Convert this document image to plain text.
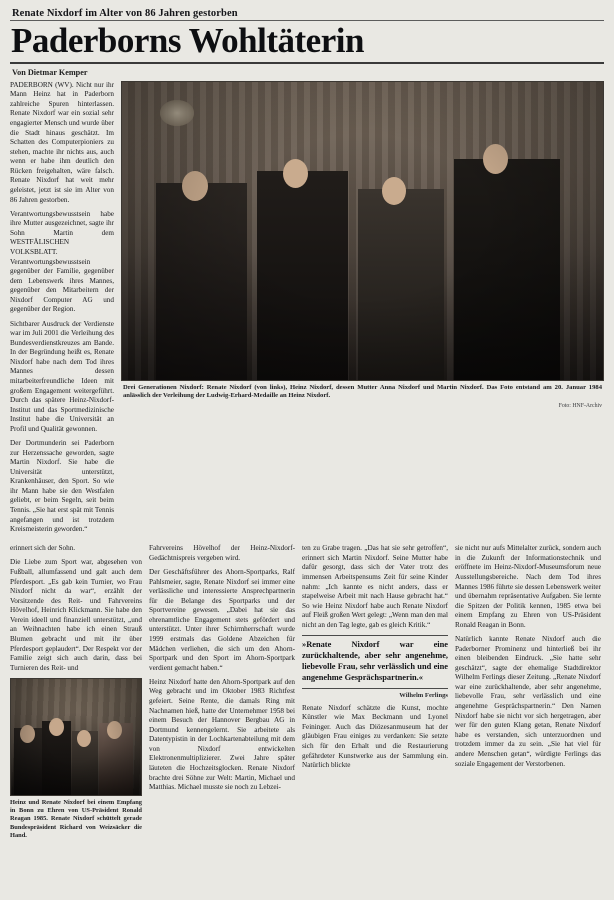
Renate Nixdorf im Alter von 86 Jahren gestorben
Paderborns Wohltäterin
Von Dietmar Kemper

PADERBORN (WV). Nicht nur ihr Mann Heinz hat in Paderborn zahlreiche Spuren hinterlassen. Renate Nixdorf war ein sozial sehr engagierter Mensch und wurde über die Stadt hinaus geschätzt. Im Schatten des Computerpioniers zu stehen, machte ihr nichts aus, auch wenn er habe ihm deutlich den Rücken freigehalten, wäre falsch. Renate Nixdorf hat weit mehr geleistet, jetzt ist sie im Alter von 86 Jahren gestorben.

Verantwortungsbewusstsein habe ihre Mutter ausgezeichnet, sagte ihr Sohn Martin dem WESTFÄLISCHEN VOLKSBLATT. Verantwortungsbewusstsein gegenüber der Familie, gegenüber dem Lebenswerk ihres Mannes, gegenüber den Mitarbeitern der Nixdorf Computer AG und gegenüber der Region.

Sichtbarer Ausdruck der Verdienste war im Juli 2001 die Verleihung des Bundesverdienstkreuzes am Bande. In der Begründung heißt es, Renate Nixdorf habe nach dem Tod ihres Mannes dessen mitarbeiterfreundliche Ideen mit großem Engagement weitergeführt. Durch das spätere Heinz-Nixdorf-Institut und das Sportmedizinische Institut habe die Universität an Profil und Qualität gewonnen.

Der Dortmunderin sei Paderborn zur Herzenssache geworden, sagte Martin Nixdorf. Sie habe die Universität unterstützt, Krankenhäuser, den Sport. So wie ihr Mann habe sie den Westfalen geliebt, er beim Segeln, seit beim Tennis. „Sie hat erst spät mit Tennis angefangen und ist trotzdem Kreismeisterin geworden.“

Drei Generationen Nixdorf: Renate Nixdorf (von links), Heinz Nixdorf, dessen Mutter Anna Nixdorf und Martin Nixdorf. Das Foto entstand am 20. Januar 1984 anlässlich der Verleihung der Ludwig-Erhard-Medaille an Heinz Nixdorf.
Foto: HNF-Archiv

erinnert sich der Sohn.

Die Liebe zum Sport war, abgesehen von Fußball, allumfassend und galt auch dem Pferdesport. „Es gab kein Turnier, wo Frau Nixdorf nicht da war“, erzählt der Vorsitzende des Reit- und Fahrvereins Hövelhof, Heinrich Klickmann. Sie habe den Verein ideell und finanziell unterstützt, „und an Weihnachten habe ich einen Strauß Blumen gebracht und mit ihr über Pferdesport geplaudert“. Der Respekt vor der Familie zeigt sich auch darin, dass bei Turnieren des Reit- und

Heinz und Renate Nixdorf bei einem Empfang in Bonn zu Ehren von US-Präsident Ronald Reagan 1985. Renate Nixdorf schüttelt gerade Bundespräsident Richard von Weizsäcker die Hand.

Fahrvereins Hövelhof der Heinz-Nixdorf-Gedächtnispreis vergeben wird.

Der Geschäftsführer des Ahorn-Sportparks, Ralf Pahlsmeier, sagte, Renate Nixdorf sei immer eine verlässliche und interessierte Ansprechpartnerin für die Belange des Sportparks und der Sportvereine gewesen. „Dabei hat sie das ehrenamtliche Engagement stets gefördert und unterstützt. Unter ihrer Schirmherrschaft wurde 1999 erstmals das Goldene Abzeichen für Mädchen verliehen, die sich um den Ahorn-Sportpark und den Sport im Ahorn-Sportpark verdient gemacht haben.“

Heinz Nixdorf hatte den Ahorn-Sportpark auf den Weg gebracht und im Oktober 1983 Richtfest gefeiert. Seine Rente, die damals Ring mit Nachnamen hieß, hatte der Unternehmer 1958 bei einem Besuch der Hannover Bergbau AG in Dortmund kennengelernt. Sie arbeitete als Datentypistin in der Lochkartenabteilung mit dem von Nixdorf entwickelten Elektronenmultiplizierer. Zwei Jahre später läuteten die Hochzeitsglocken. Renate Nixdorf brachte drei Söhne zur Welt: Martin, Michael und Matthias. Michael musste sie noch zu Lebzei-

ten zu Grabe tragen. „Das hat sie sehr getroffen“, erinnert sich Martin Nixdorf. Seine Mutter habe dafür gesorgt, dass sich der Vater trotz des immensen Arbeitspensums Zeit für seine Kinder nahm: „Ich kannte es nicht anders, dass er stapelweise Arbeit mit nach Hause gebracht hat.“ So wie Heinz Nixdorf habe auch Renate Nixdorf auf Fleiß großen Wert gelegt: „Wenn man den mal nicht an den Tag legte, gab es gleich Kritik.“

»Renate Nixdorf war eine zurückhaltende, aber sehr angenehme, liebevolle Frau, sehr verlässlich und eine angenehme Gesprächspartnerin.«
Wilhelm Ferlings

Renate Nixdorf schätzte die Kunst, mochte Künstler wie Max Beckmann und Lyonel Feininger. Auch das Diözesanmuseum hat der gläubigen Frau einiges zu verdanken: Sie setzte sich für den Erhalt und die Restaurierung gefährdeter Kunstwerke aus der Sammlung ein. Natürlich blickte

sie nicht nur aufs Mittelalter zurück, sondern auch in die Zukunft der Informationstechnik und eröffnete im Heinz-Nixdorf-Museumsforum neue Ausstellungsbereiche. Nach dem Tod ihres Mannes 1986 führte sie dessen Lebenswerk weiter und übernahm repräsentative Aufgaben. Sie lernte die Spitzen der Politik kennen, 1985 etwa bei einem Empfang zu Ehren von US-Präsident Ronald Reagan in Bonn.

Natürlich kannte Renate Nixdorf auch die Paderborner Prominenz und hinterließ bei ihr einen bleibenden Eindruck. „Sie hatte sehr geschätzt“, sagte der ehemalige Stadtdirektor Wilhelm Ferlings dieser Zeitung. „Renate Nixdorf war eine zurückhaltende, aber sehr angenehme, liebevolle Frau, sehr verlässlich und eine angenehme Gesprächspartnerin.“ Den Namen Nixdorf habe sie nicht vor sich hergetragen, aber wer für den guten Klang getan, Renate Nixdorf habe es verstanden, sich unterzuordnen und trotzdem immer da zu sein. „Sie hat viel für andere Menschen getan“, würdigte Ferlings das soziale Engagement der Verstorbenen.
